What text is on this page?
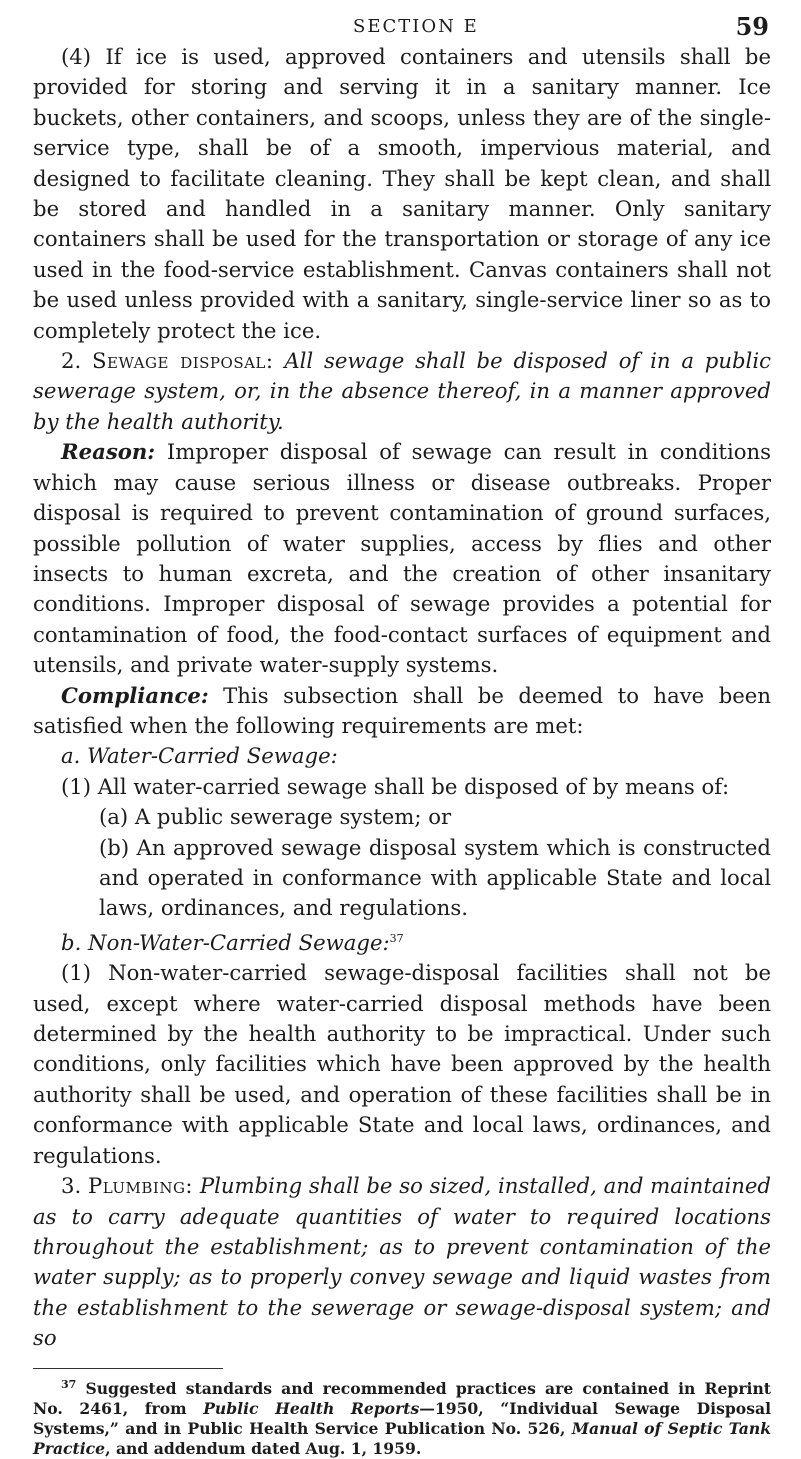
SECTION E	59

(4) If ice is used, approved containers and utensils shall be provided for storing and serving it in a sanitary manner. Ice buckets, other containers, and scoops, unless they are of the single-service type, shall be of a smooth, impervious material, and designed to facilitate cleaning. They shall be kept clean, and shall be stored and handled in a sanitary manner. Only sanitary containers shall be used for the transportation or storage of any ice used in the food-service establishment. Canvas containers shall not be used unless provided with a sanitary, single-service liner so as to completely protect the ice.

2. Sewage disposal: All sewage shall be disposed of in a public sewerage system, or, in the absence thereof, in a manner approved by the health authority.

Reason: Improper disposal of sewage can result in conditions which may cause serious illness or disease outbreaks. Proper disposal is required to prevent contamination of ground surfaces, possible pollution of water supplies, access by flies and other insects to human excreta, and the creation of other insanitary conditions. Improper disposal of sewage provides a potential for contamination of food, the food-contact surfaces of equipment and utensils, and private water-supply systems.

Compliance: This subsection shall be deemed to have been satisfied when the following requirements are met:

a. Water-Carried Sewage:

(1) All water-carried sewage shall be disposed of by means of:

(a) A public sewerage system; or

(b) An approved sewage disposal system which is constructed and operated in conformance with applicable State and local laws, ordinances, and regulations.

b. Non-Water-Carried Sewage:$^{37}$

(1) Non-water-carried sewage-disposal facilities shall not be used, except where water-carried disposal methods have been determined by the health authority to be impractical. Under such conditions, only facilities which have been approved by the health authority shall be used, and operation of these facilities shall be in conformance with applicable State and local laws, ordinances, and regulations.

3. Plumbing: Plumbing shall be so sized, installed, and maintained as to carry adequate quantities of water to required locations throughout the establishment; as to prevent contamination of the water supply; as to properly convey sewage and liquid wastes from the establishment to the sewerage or sewage-disposal system; and so

$^{37}$ Suggested standards and recommended practices are contained in Reprint No. 2461, from Public Health Reports—1950, “Individual Sewage Disposal Systems,” and in Public Health Service Publication No. 526, Manual of Septic Tank Practice, and addendum dated Aug. 1, 1959.
